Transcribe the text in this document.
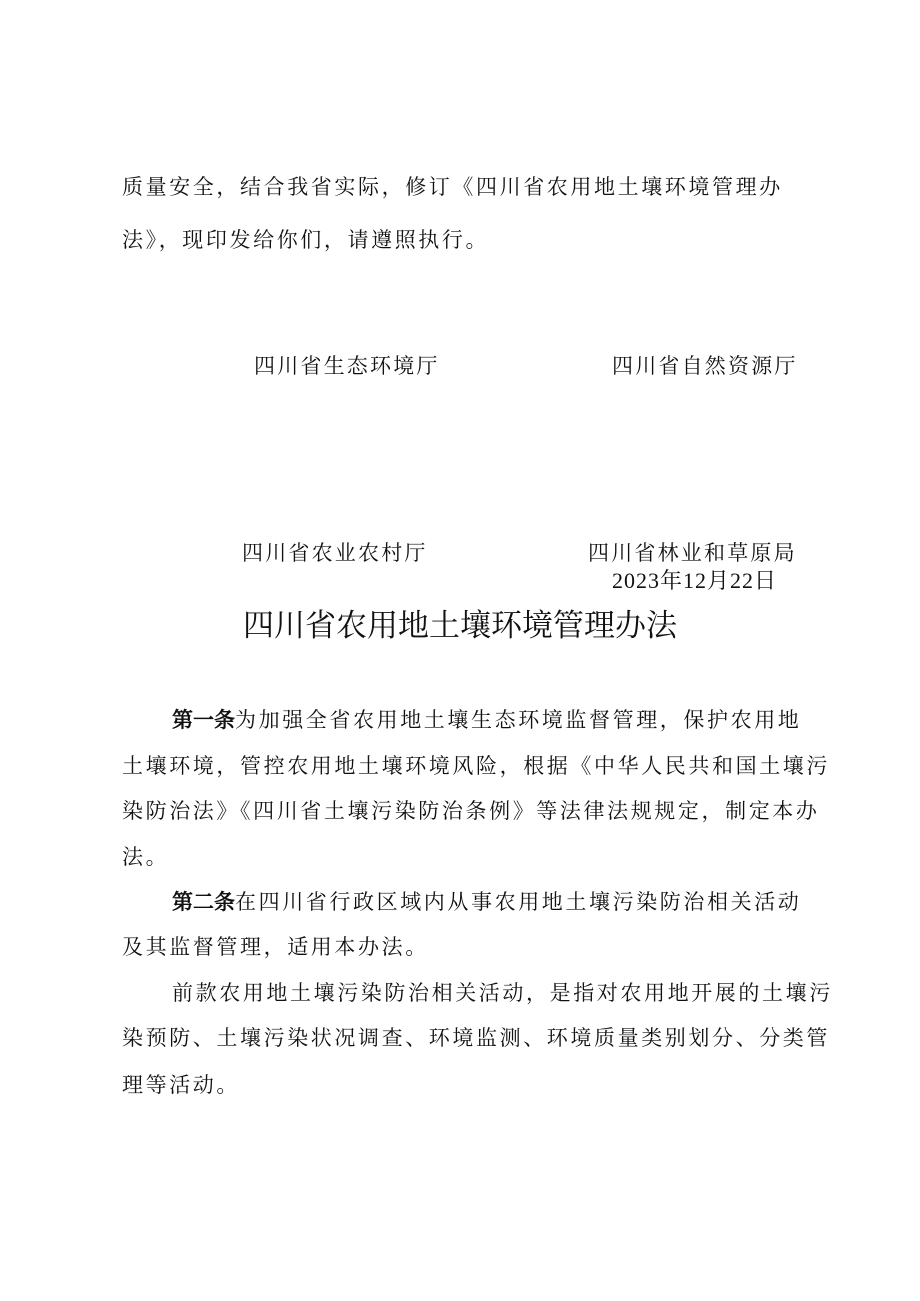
质量安全，结合我省实际，修订《四川省农用地土壤环境管理办
法》，现印发给你们，请遵照执行。
四川省生态环境厅	四川省自然资源厅
四川省农业农村厅	四川省林业和草原局
2023年12月22日
四川省农用地土壤环境管理办法
第一条为加强全省农用地土壤生态环境监督管理，保护农用地
土壤环境，管控农用地土壤环境风险，根据《中华人民共和国土壤污
染防治法》《四川省土壤污染防治条例》等法律法规规定，制定本办
法。
第二条在四川省行政区域内从事农用地土壤污染防治相关活动
及其监督管理，适用本办法。
前款农用地土壤污染防治相关活动，是指对农用地开展的土壤污
染预防、土壤污染状况调查、环境监测、环境质量类别划分、分类管
理等活动。
